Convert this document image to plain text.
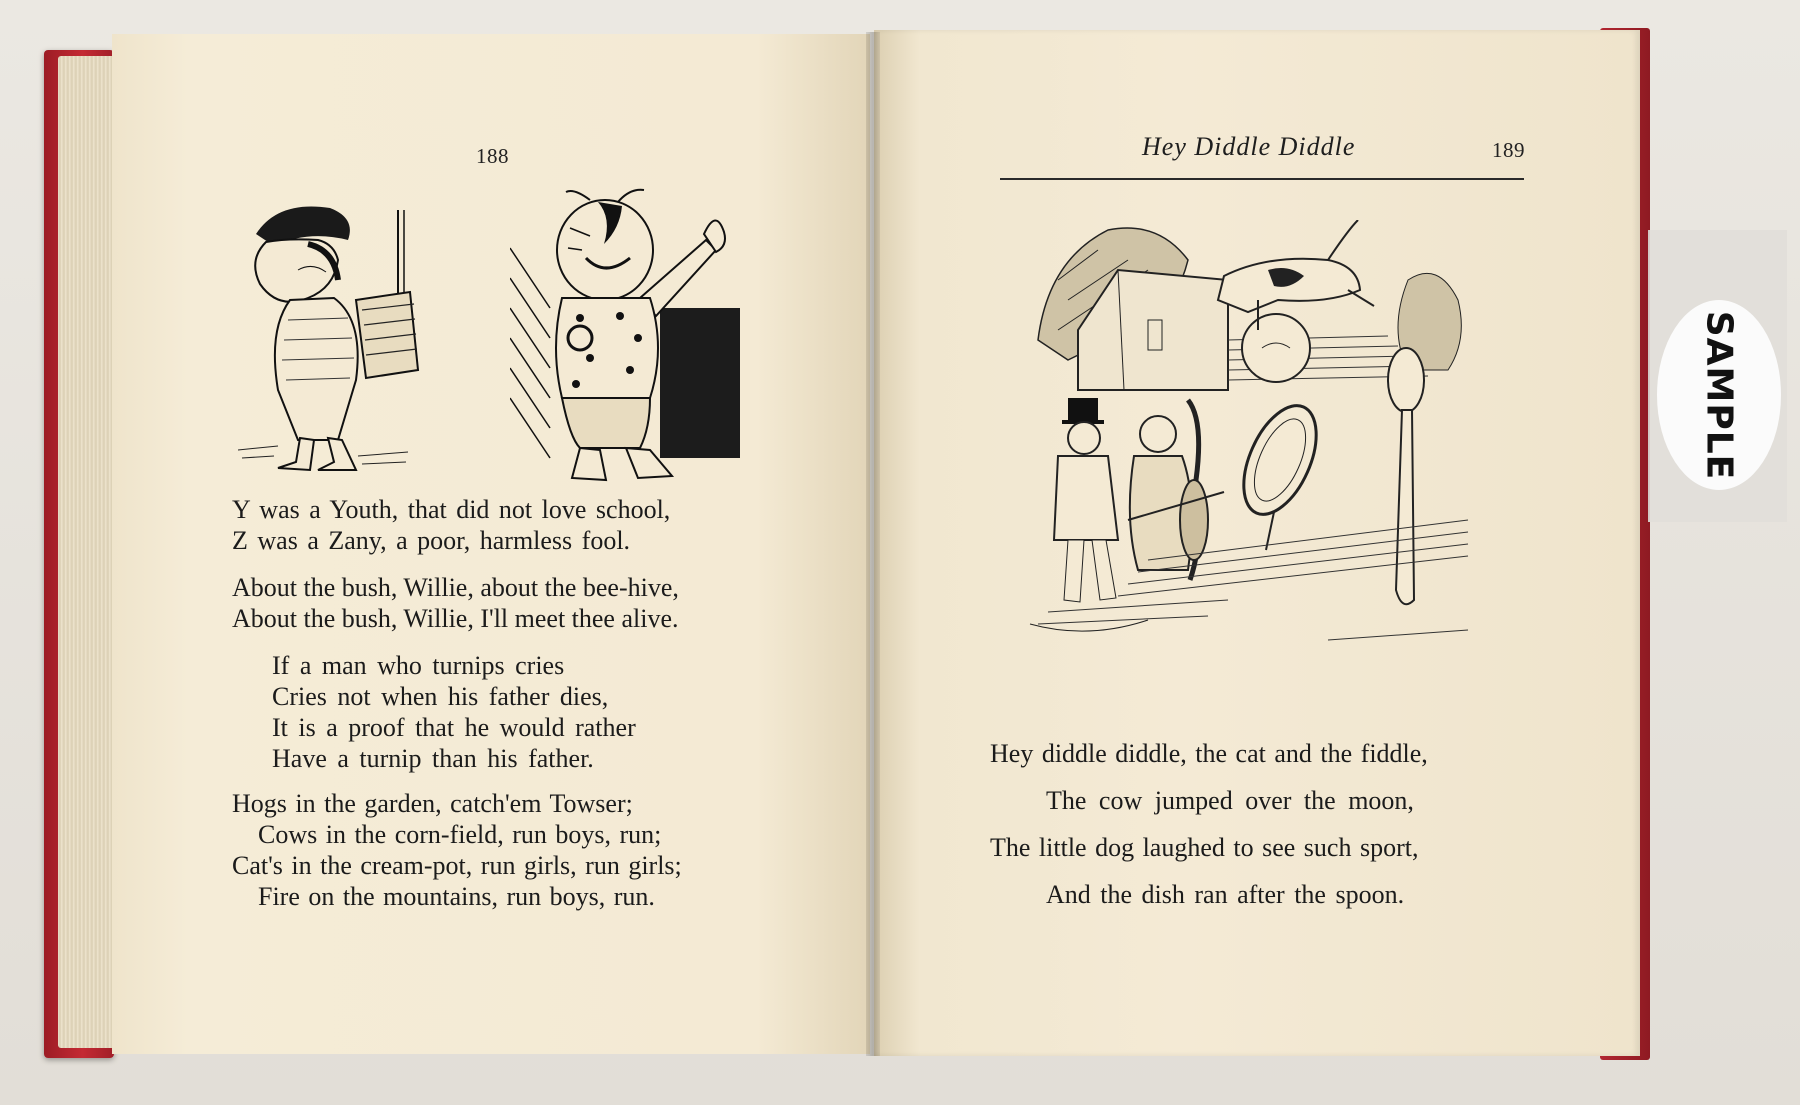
188

Y was a Youth, that did not love school,

Z was a Zany, a poor, harmless fool.

About the bush, Willie, about the bee-hive,

About the bush, Willie, I'll meet thee alive.

If a man who turnips cries

Cries not when his father dies,

It is a proof that he would rather

Have a turnip than his father.

Hogs in the garden, catch'em Towser;

Cows in the corn-field, run boys, run;

Cat's in the cream-pot, run girls, run girls;

Fire on the mountains, run boys, run.

Hey Diddle Diddle	189

Hey diddle diddle, the cat and the fiddle,

The cow jumped over the moon,

The little dog laughed to see such sport,

And the dish ran after the spoon.

SAMPLE
